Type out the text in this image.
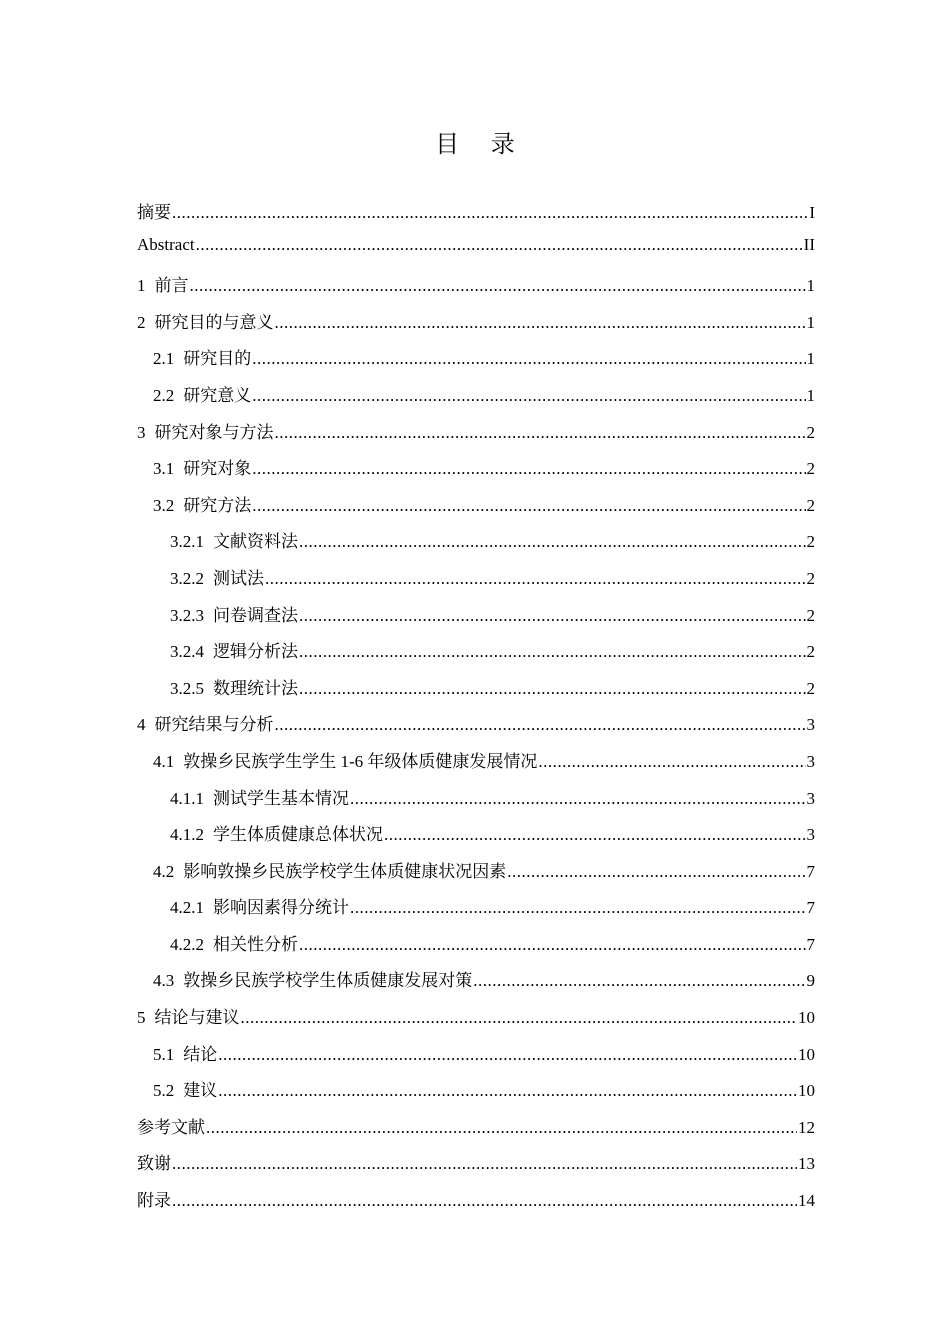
目 录
摘要 .....	I
Abstract .....	II
1 前言 .....	1
2 研究目的与意义 .....	1
2.1 研究目的 .....	1
2.2 研究意义 .....	1
3 研究对象与方法 .....	2
3.1 研究对象 .....	2
3.2 研究方法 .....	2
3.2.1 文献资料法 .....	2
3.2.2 测试法 .....	2
3.2.3 问卷调查法 .....	2
3.2.4 逻辑分析法 .....	2
3.2.5 数理统计法 .....	2
4 研究结果与分析 .....	3
4.1 敦操乡民族学生学生 1-6 年级体质健康发展情况 .....	3
4.1.1 测试学生基本情况 .....	3
4.1.2 学生体质健康总体状况 .....	3
4.2 影响敦操乡民族学校学生体质健康状况因素 .....	7
4.2.1 影响因素得分统计 .....	7
4.2.2 相关性分析 .....	7
4.3 敦操乡民族学校学生体质健康发展对策 .....	9
5 结论与建议 .....	10
5.1 结论 .....	10
5.2 建议 .....	10
参考文献 .....	12
致谢 .....	13
附录 .....	14
